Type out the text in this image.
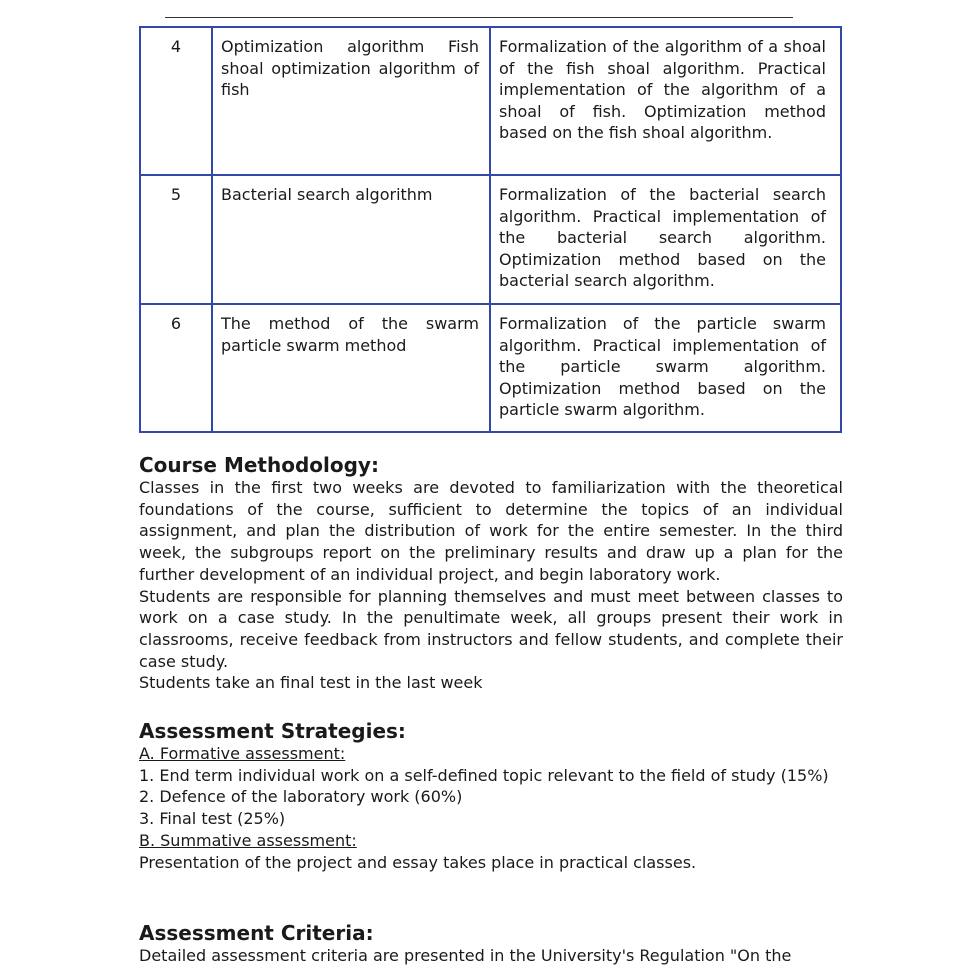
4	Optimization algorithm Fish shoal optimization algorithm of fish	Formalization of the algorithm of a shoal of the fish shoal algorithm. Practical implementation of the algorithm of a shoal of fish. Optimization method based on the fish shoal algorithm.
5	Bacterial search algorithm	Formalization of the bacterial search algorithm. Practical implementation of the bacterial search algorithm. Optimization method based on the bacterial search algorithm.
6	The method of the swarm particle swarm method	Formalization of the particle swarm algorithm. Practical implementation of the particle swarm algorithm. Optimization method based on the particle swarm algorithm.
Course Methodology:

Classes in the first two weeks are devoted to familiarization with the theoretical foundations of the course, sufficient to determine the topics of an individual assignment, and plan the distribution of work for the entire semester. In the third week, the subgroups report on the preliminary results and draw up a plan for the further development of an individual project, and begin laboratory work.

Students are responsible for planning themselves and must meet between classes to work on a case study. In the penultimate week, all groups present their work in classrooms, receive feedback from instructors and fellow students, and complete their case study.

Students take an final test in the last week

Assessment Strategies:

A. Formative assessment:

1. End term individual work on a self-defined topic relevant to the field of study (15%)

2. Defence of the laboratory work (60%)

3. Final test (25%)

B. Summative assessment:

Presentation of the project and essay takes place in practical classes.

Assessment Criteria:

Detailed assessment criteria are presented in the University's Regulation "On the
